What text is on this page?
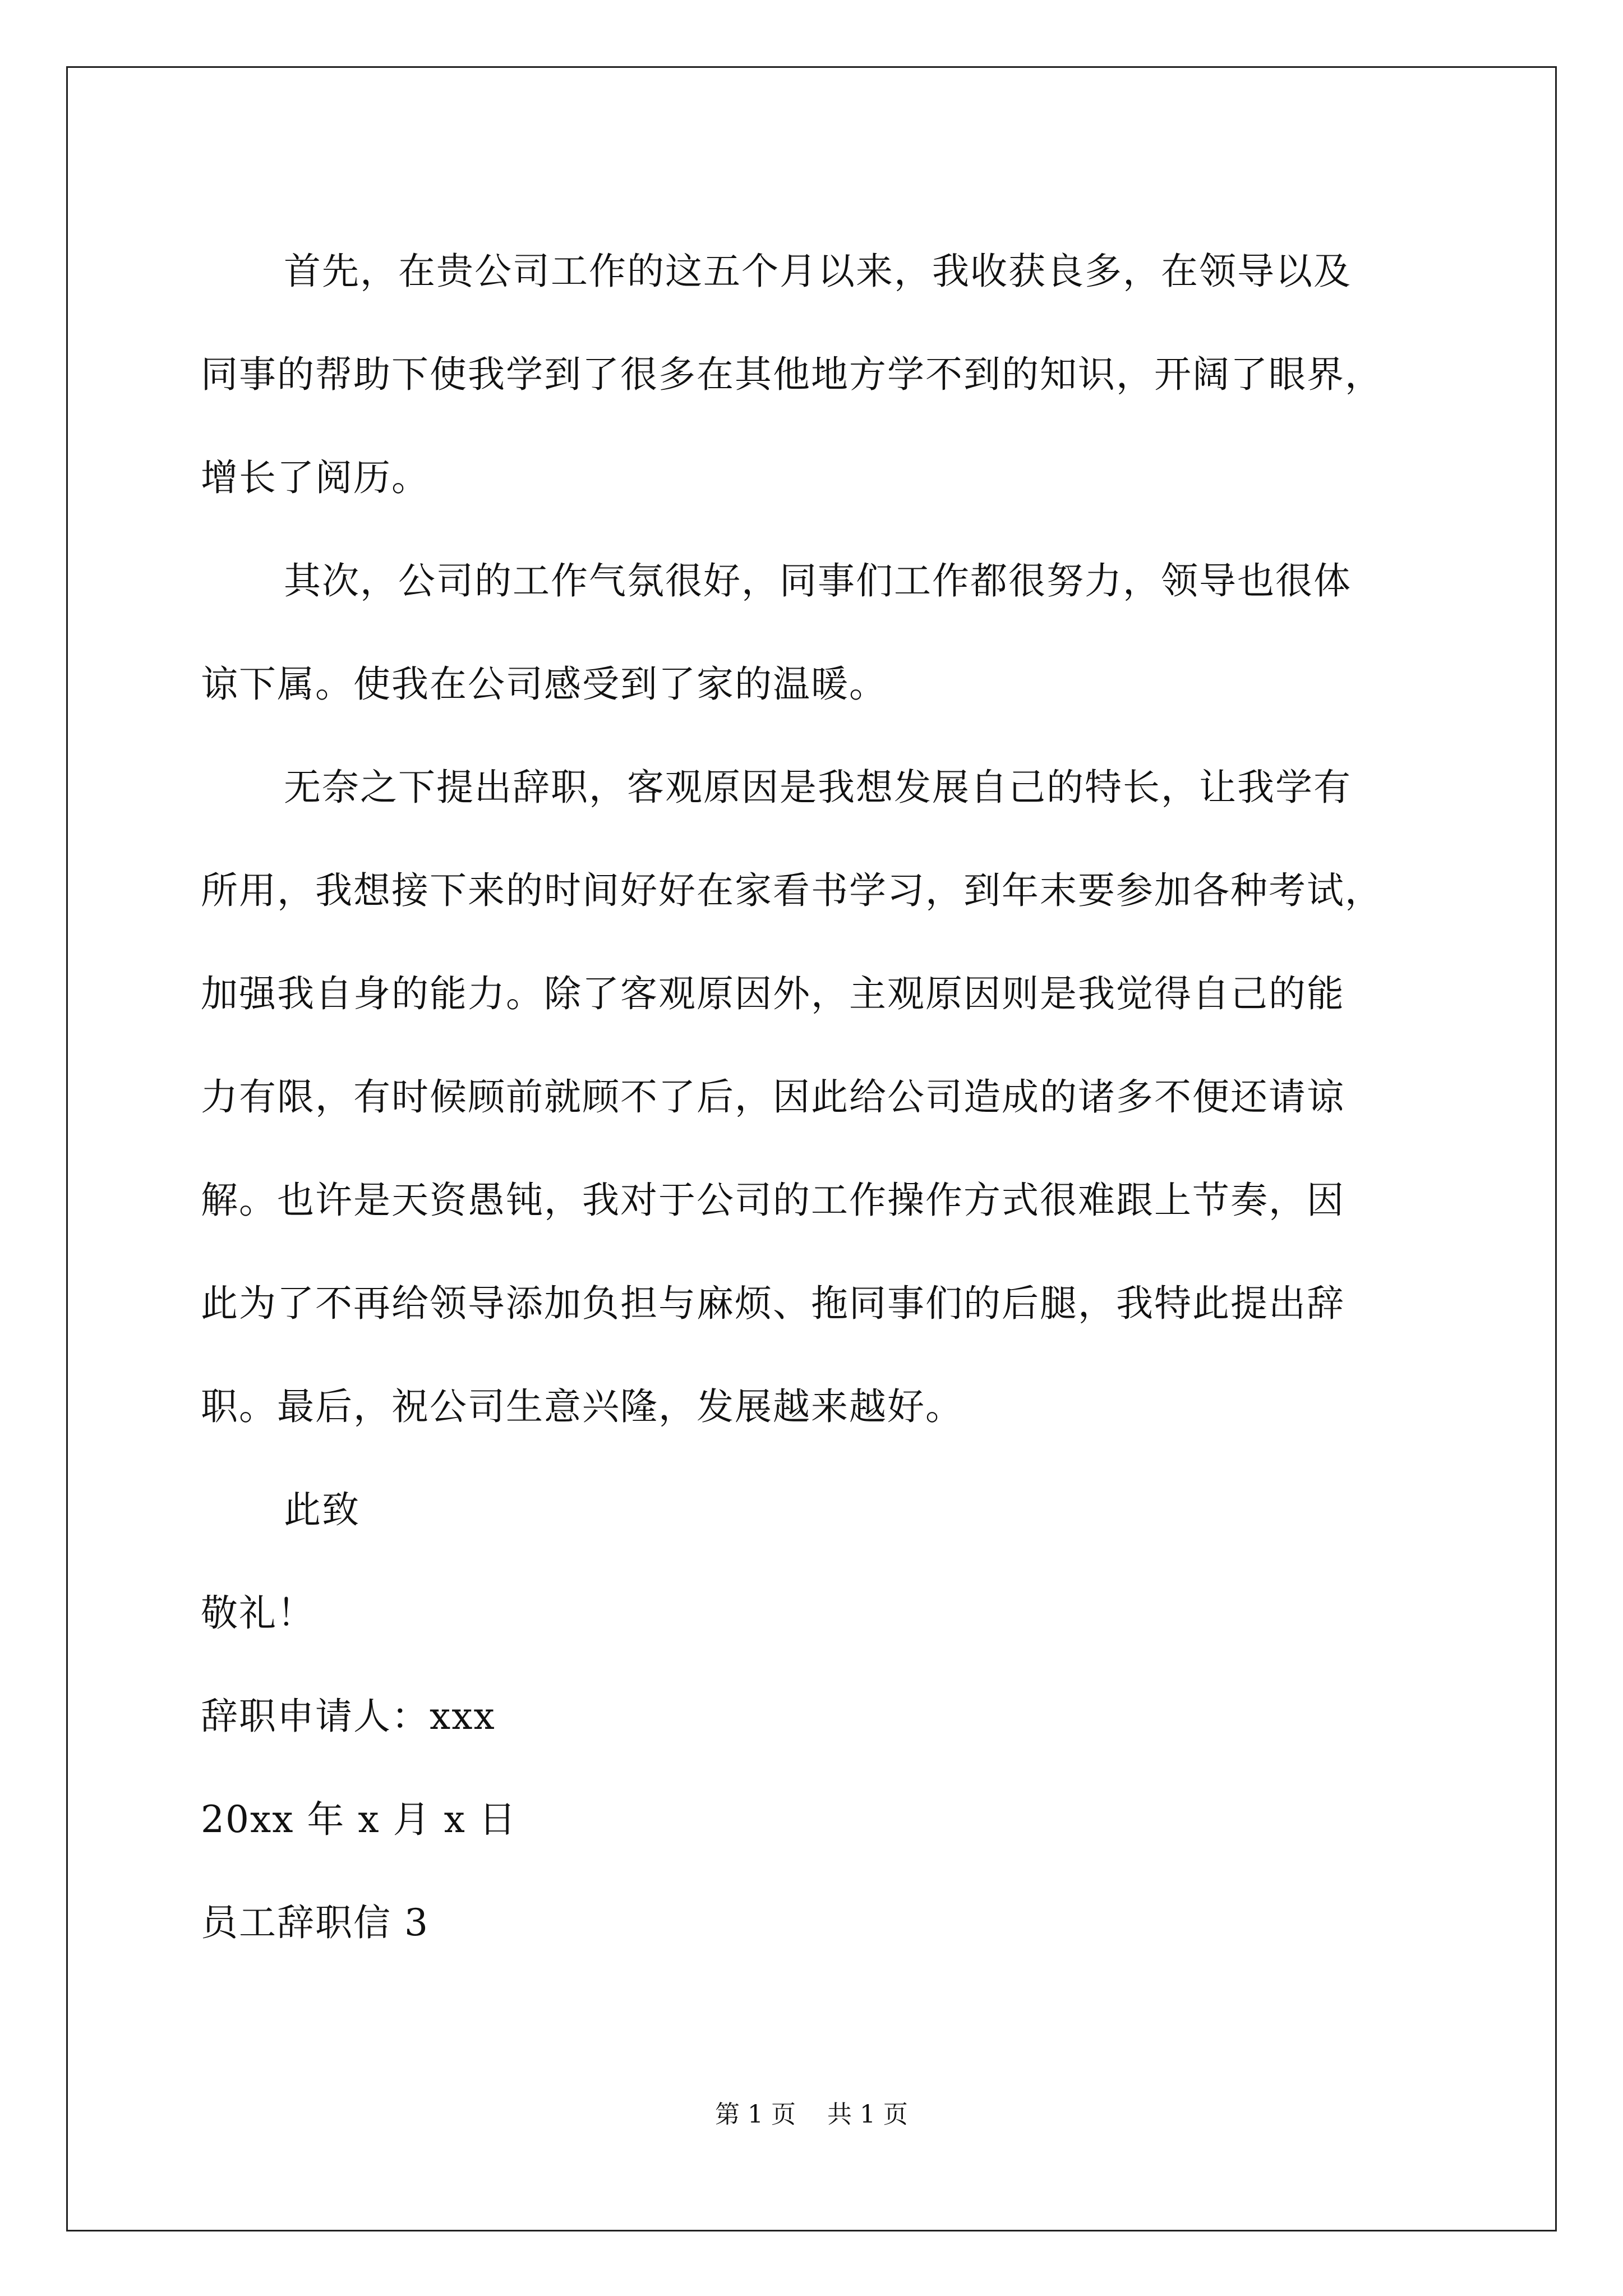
首先，在贵公司工作的这五个月以来，我收获良多，在领导以及
同事的帮助下使我学到了很多在其他地方学不到的知识，开阔了眼界，
增长了阅历。
其次，公司的工作气氛很好，同事们工作都很努力，领导也很体
谅下属。使我在公司感受到了家的温暖。
无奈之下提出辞职，客观原因是我想发展自己的特长，让我学有
所用，我想接下来的时间好好在家看书学习，到年末要参加各种考试，
加强我自身的能力。除了客观原因外，主观原因则是我觉得自己的能
力有限，有时候顾前就顾不了后，因此给公司造成的诸多不便还请谅
解。也许是天资愚钝，我对于公司的工作操作方式很难跟上节奏，因
此为了不再给领导添加负担与麻烦、拖同事们的后腿，我特此提出辞
职。最后，祝公司生意兴隆，发展越来越好。
此致
敬礼！
辞职申请人：xxx
20xx 年 x 月 x 日
员工辞职信 3
第 1 页    共 1 页
